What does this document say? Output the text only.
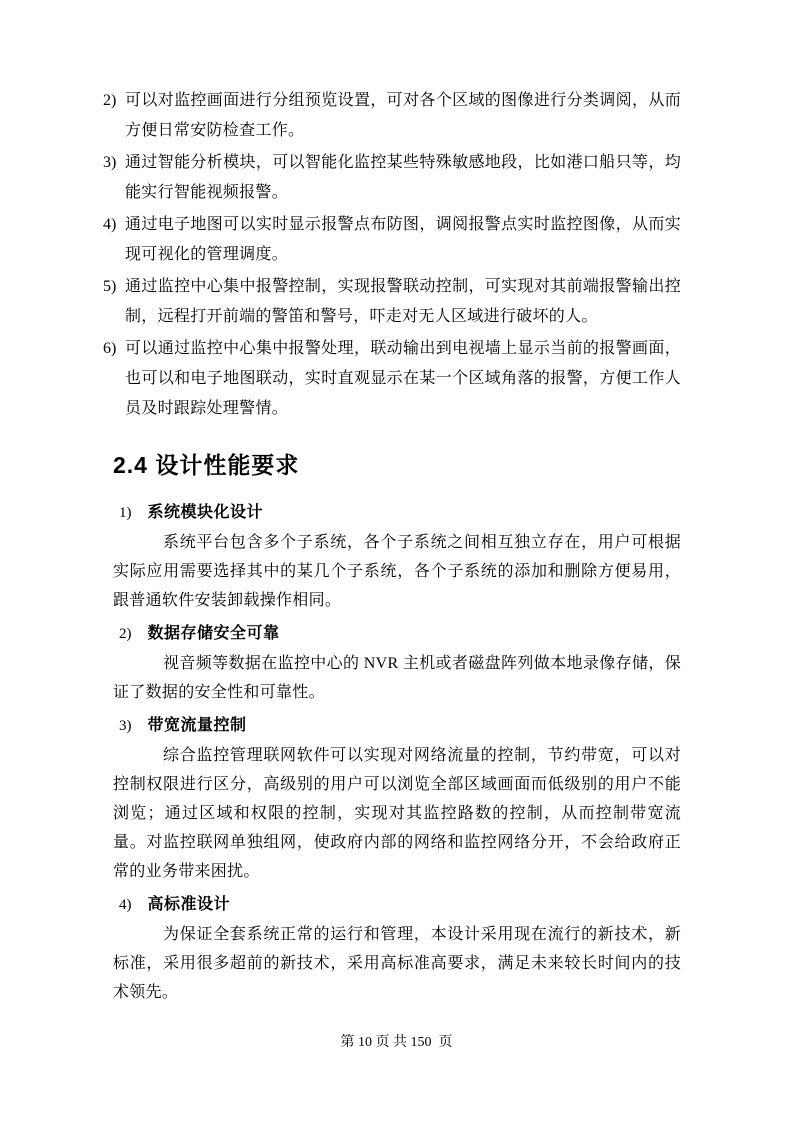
2) 可以对监控画面进行分组预览设置，可对各个区域的图像进行分类调阅，从而方便日常安防检查工作。
3) 通过智能分析模块，可以智能化监控某些特殊敏感地段，比如港口船只等，均能实行智能视频报警。
4) 通过电子地图可以实时显示报警点布防图，调阅报警点实时监控图像，从而实现可视化的管理调度。
5) 通过监控中心集中报警控制，实现报警联动控制，可实现对其前端报警输出控制，远程打开前端的警笛和警号，吓走对无人区域进行破坏的人。
6) 可以通过监控中心集中报警处理，联动输出到电视墙上显示当前的报警画面，也可以和电子地图联动，实时直观显示在某一个区域角落的报警，方便工作人员及时跟踪处理警情。
2.4 设计性能要求
1) 系统模块化设计
系统平台包含多个子系统，各个子系统之间相互独立存在，用户可根据实际应用需要选择其中的某几个子系统，各个子系统的添加和删除方便易用，跟普通软件安装卸载操作相同。
2) 数据存储安全可靠
视音频等数据在监控中心的 NVR 主机或者磁盘阵列做本地录像存储，保证了数据的安全性和可靠性。
3) 带宽流量控制
综合监控管理联网软件可以实现对网络流量的控制，节约带宽，可以对控制权限进行区分，高级别的用户可以浏览全部区域画面而低级别的用户不能浏览；通过区域和权限的控制，实现对其监控路数的控制，从而控制带宽流量。对监控联网单独组网，使政府内部的网络和监控网络分开，不会给政府正常的业务带来困扰。
4) 高标准设计
为保证全套系统正常的运行和管理，本设计采用现在流行的新技术，新标准，采用很多超前的新技术，采用高标准高要求，满足未来较长时间内的技术领先。
第 10 页 共 150  页
